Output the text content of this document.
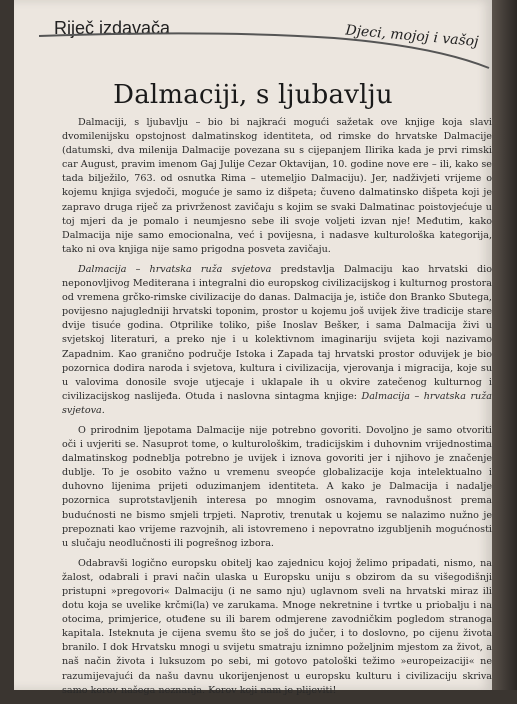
Riječ izdavača	Djeci, mojoj i vašoj
Dalmaciji, s ljubavlju

Dalmaciji, s ljubavlju – bio bi najkraći mogući sažetak ove knjige koja slavi dvomilenijsku opstojnost dalmatinskog identiteta, od rimske do hrvatske Dalmacije (datumski, dva milenija Dalmacije povezana su s cijepanjem Ilirika kada je prvi rimski car August, pravim imenom Gaj Julije Cezar Oktavijan, 10. godine nove ere – ili, kako se tada bilježilo, 763. od osnutka Rima – utemeljio Dalmaciju). Jer, nadživjeti vrijeme o kojemu knjiga svjedoči, moguće je samo iz dišpeta; čuveno dalmatinsko dišpeta koji je zapravo druga riječ za privrženost zavičaju s kojim se svaki Dalmatinac poistovjećuje u toj mjeri da je pomalo i neumjesno sebe ili svoje voljeti izvan nje! Međutim, kako Dalmacija nije samo emocionalna, već i povijesna, i nadasve kulturološka kategorija, tako ni ova knjiga nije samo prigodna posveta zavičaju.

Dalmacija – hrvatska ruža svjetova predstavlja Dalmaciju kao hrvatski dio neponovljivog Mediterana i integralni dio europskog civilizacijskog i kulturnog prostora od vremena grčko-rimske civilizacije do danas. Dalmacija je, ističe don Branko Sbutega, povijesno najugledniji hrvatski toponim, prostor u kojemu još uvijek žive tradicije stare dvije tisuće godina. Otprilike toliko, piše Inoslav Bešker, i sama Dalmacija živi u svjetskoj literaturi, a preko nje i u kolektivnom imaginariju svijeta koji nazivamo Zapadnim. Kao granično područje Istoka i Zapada taj hrvatski prostor oduvijek je bio pozornica dodira naroda i svjetova, kultura i civilizacija, vjerovanja i migracija, koje su u valovima donosile svoje utjecaje i uklapale ih u okvire zatečenog kulturnog i civilizacijskog naslijeđa. Otuda i naslovna sintagma knjige: Dalmacija – hrvatska ruža svjetova.

O prirodnim ljepotama Dalmacije nije potrebno govoriti. Dovoljno je samo otvoriti oči i uvjeriti se. Nasuprot tome, o kulturološkim, tradicijskim i duhovnim vrijednostima dalmatinskog podneblja potrebno je uvijek i iznova govoriti jer i njihovo je značenje dublje. To je osobito važno u vremenu sveopće globalizacije koja intelektualno i duhovno lijenima prijeti oduzimanjem identiteta. A kako je Dalmacija i nadalje pozornica suprotstavljenih interesa po mnogim osnovama, ravnodušnost prema budućnosti ne bismo smjeli trpjeti. Naprotiv, trenutak u kojemu se nalazimo nužno je prepoznati kao vrijeme razvojnih, ali istovremeno i nepovratno izgubljenih mogućnosti u slučaju neodlučnosti ili pogrešnog izbora.

Odabravši logično europsku obitelj kao zajednicu kojoj želimo pripadati, nismo, na žalost, odabrali i pravi način ulaska u Europsku uniju s obzirom da su višegodišnji pristupni »pregovori« Dalmaciju (i ne samo nju) uglavnom sveli na hrvatski miraz ili dotu koja se uvelike krčmi(la) ve zarukama. Mnoge nekretnine i tvrtke u priobalju i na otocima, primjerice, otuđene su ili barem odmjerene zavodničkim pogledom stranoga kapitala. Isteknuta je cijena svemu što se još do jučer, i to doslovno, po cijenu života branilo. I dok Hrvatsku mnogi u svijetu smatraju iznimno poželjnim mjestom za život, a naš način života i luksuzom po sebi, mi gotovo patološki težimo »europeizaciji« ne razumijevajući da našu davnu ukorijenjenost u europsku kulturu i civilizaciju skriva samo korov našega neznanja. Korov koji nam je plijeviti!
